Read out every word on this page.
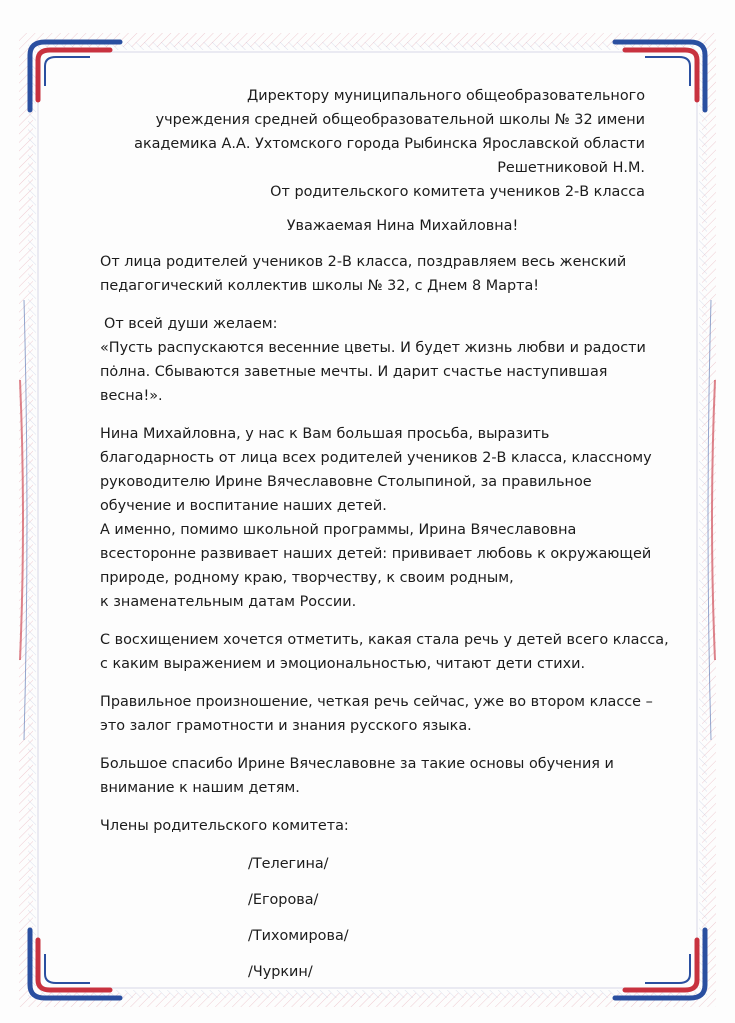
Директору муниципального общеобразовательного
учреждения средней общеобразовательной школы № 32 имени
академика А.А. Ухтомского города Рыбинска Ярославской области
Решетниковой Н.М.
От родительского комитета учеников 2-В класса
Уважаемая Нина Михайловна!
От лица родителей учеников 2-В класса, поздравляем весь женский
педагогический коллектив школы № 32, с Днем 8 Марта!
От всей души желаем:
«Пусть распускаются весенние цветы. И будет жизнь любви и радости
по̇лна. Сбываются заветные мечты. И дарит счастье наступившая
весна!».
Нина Михайловна, у нас к Вам большая просьба, выразить
благодарность от лица всех родителей учеников 2-В класса, классному
руководителю Ирине Вячеславовне Столыпиной, за правильное
обучение и воспитание наших детей.
А именно, помимо школьной программы, Ирина Вячеславовна
всесторонне развивает наших детей: прививает любовь к окружающей
природе, родному краю, творчеству, к своим родным,
к знаменательным датам России.
С восхищением хочется отметить, какая стала речь у детей всего класса,
с каким выражением и эмоциональностью, читают дети стихи.
Правильное произношение, четкая речь сейчас, уже во втором классе –
это залог грамотности и знания русского языка.
Большое спасибо Ирине Вячеславовне за такие основы обучения и
внимание к нашим детям.
Члены родительского комитета:
/Телегина/
/Егорова/
/Тихомирова/
/Чуркин/
